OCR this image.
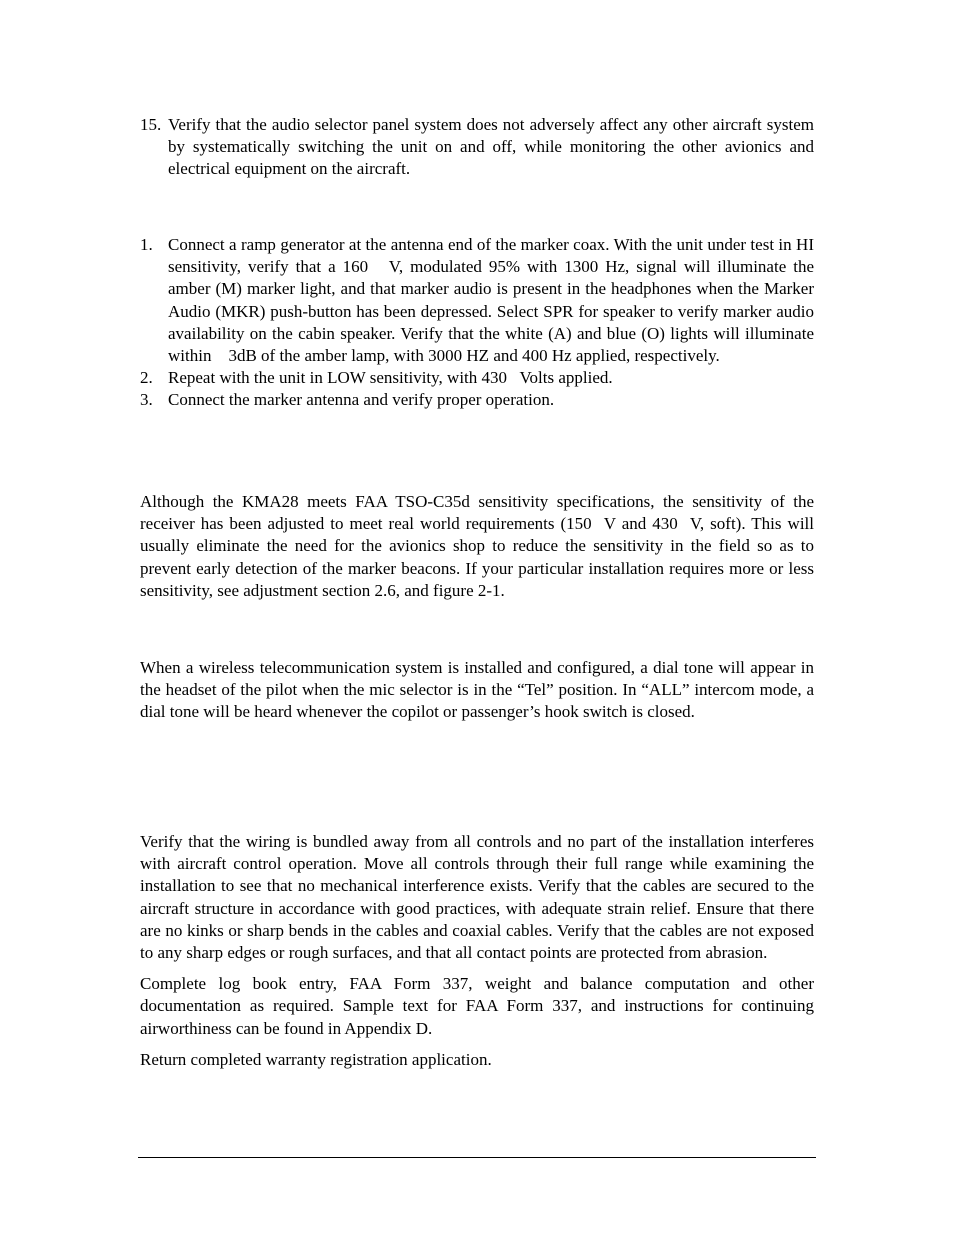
15. Verify that the audio selector panel system does not adversely affect any other aircraft system by systematically switching the unit on and off, while monitoring the other avionics and electrical equipment on the aircraft.
1. Connect a ramp generator at the antenna end of the marker coax. With the unit under test in HI sensitivity, verify that a 160   V, modulated 95% with 1300 Hz, signal will illuminate the amber (M) marker light, and that marker audio is present in the headphones when the Marker Audio (MKR) push-button has been depressed. Select SPR for speaker to verify marker audio availability on the cabin speaker. Verify that the white (A) and blue (O) lights will illuminate within    3dB of the amber lamp, with 3000 HZ and 400 Hz applied, respectively.
2. Repeat with the unit in LOW sensitivity, with 430   Volts applied.
3. Connect the marker antenna and verify proper operation.

Although the KMA28 meets FAA TSO-C35d sensitivity specifications, the sensitivity of the receiver has been adjusted to meet real world requirements (150  V and 430  V, soft). This will usually eliminate the need for the avionics shop to reduce the sensitivity in the field so as to prevent early detection of the marker beacons. If your particular installation requires more or less sensitivity, see adjustment section 2.6, and figure 2-1.

When a wireless telecommunication system is installed and configured, a dial tone will appear in the headset of the pilot when the mic selector is in the “Tel” position. In “ALL” intercom mode, a dial tone will be heard whenever the copilot or passenger’s hook switch is closed.

Verify that the wiring is bundled away from all controls and no part of the installation interferes with aircraft control operation. Move all controls through their full range while examining the installation to see that no mechanical interference exists. Verify that the cables are secured to the aircraft structure in accordance with good practices, with adequate strain relief. Ensure that there are no kinks or sharp bends in the cables and coaxial cables. Verify that the cables are not exposed to any sharp edges or rough surfaces, and that all contact points are protected from abrasion.

Complete log book entry, FAA Form 337, weight and balance computation and other documentation as required. Sample text for FAA Form 337, and instructions for continuing airworthiness can be found in Appendix D.

Return completed warranty registration application.
